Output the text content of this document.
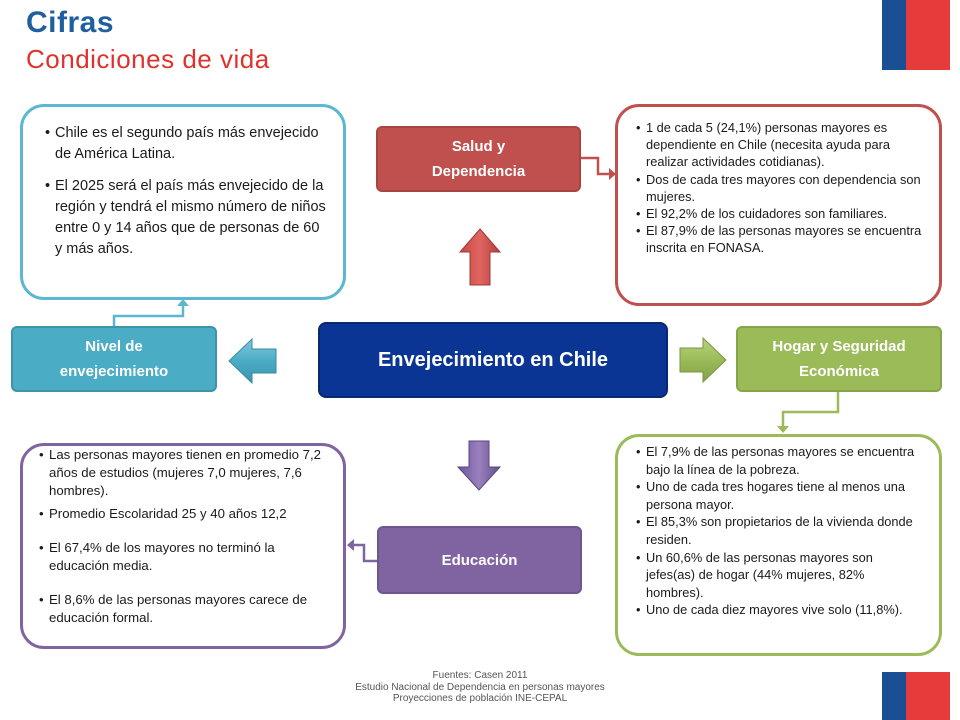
Cifras
Condiciones de vida
• Chile es el segundo país más envejecido de América Latina.
• El 2025 será el país más envejecido de la región y tendrá el mismo número de niños entre 0 y 14 años que de personas de 60 y más años.
• 1 de cada 5 (24,1%) personas mayores es dependiente en Chile (necesita ayuda para realizar actividades cotidianas).
• Dos de cada tres mayores con dependencia son mujeres.
• El 92,2% de los cuidadores son familiares.
• El 87,9% de las personas mayores se encuentra inscrita en FONASA.
• Las personas mayores tienen en promedio 7,2 años de estudios (mujeres 7,0 mujeres, 7,6 hombres).
• Promedio Escolaridad 25 y 40 años 12,2
• El 67,4% de los mayores no terminó la educación media.
• El 8,6% de las personas mayores carece de educación formal.
• El 7,9% de las personas mayores se encuentra bajo la línea de la pobreza.
• Uno de cada tres hogares tiene al menos una persona mayor.
• El 85,3% son propietarios de la vivienda donde residen.
• Un 60,6% de las personas mayores son jefes(as) de hogar (44% mujeres, 82% hombres).
• Uno de cada diez mayores vive solo (11,8%).
Salud y Dependencia
Nivel de envejecimiento
Hogar y Seguridad Económica
Educación
Envejecimiento en Chile
Fuentes: Casen 2011
Estudio Nacional de Dependencia en personas mayores
Proyecciones de población INE-CEPAL
